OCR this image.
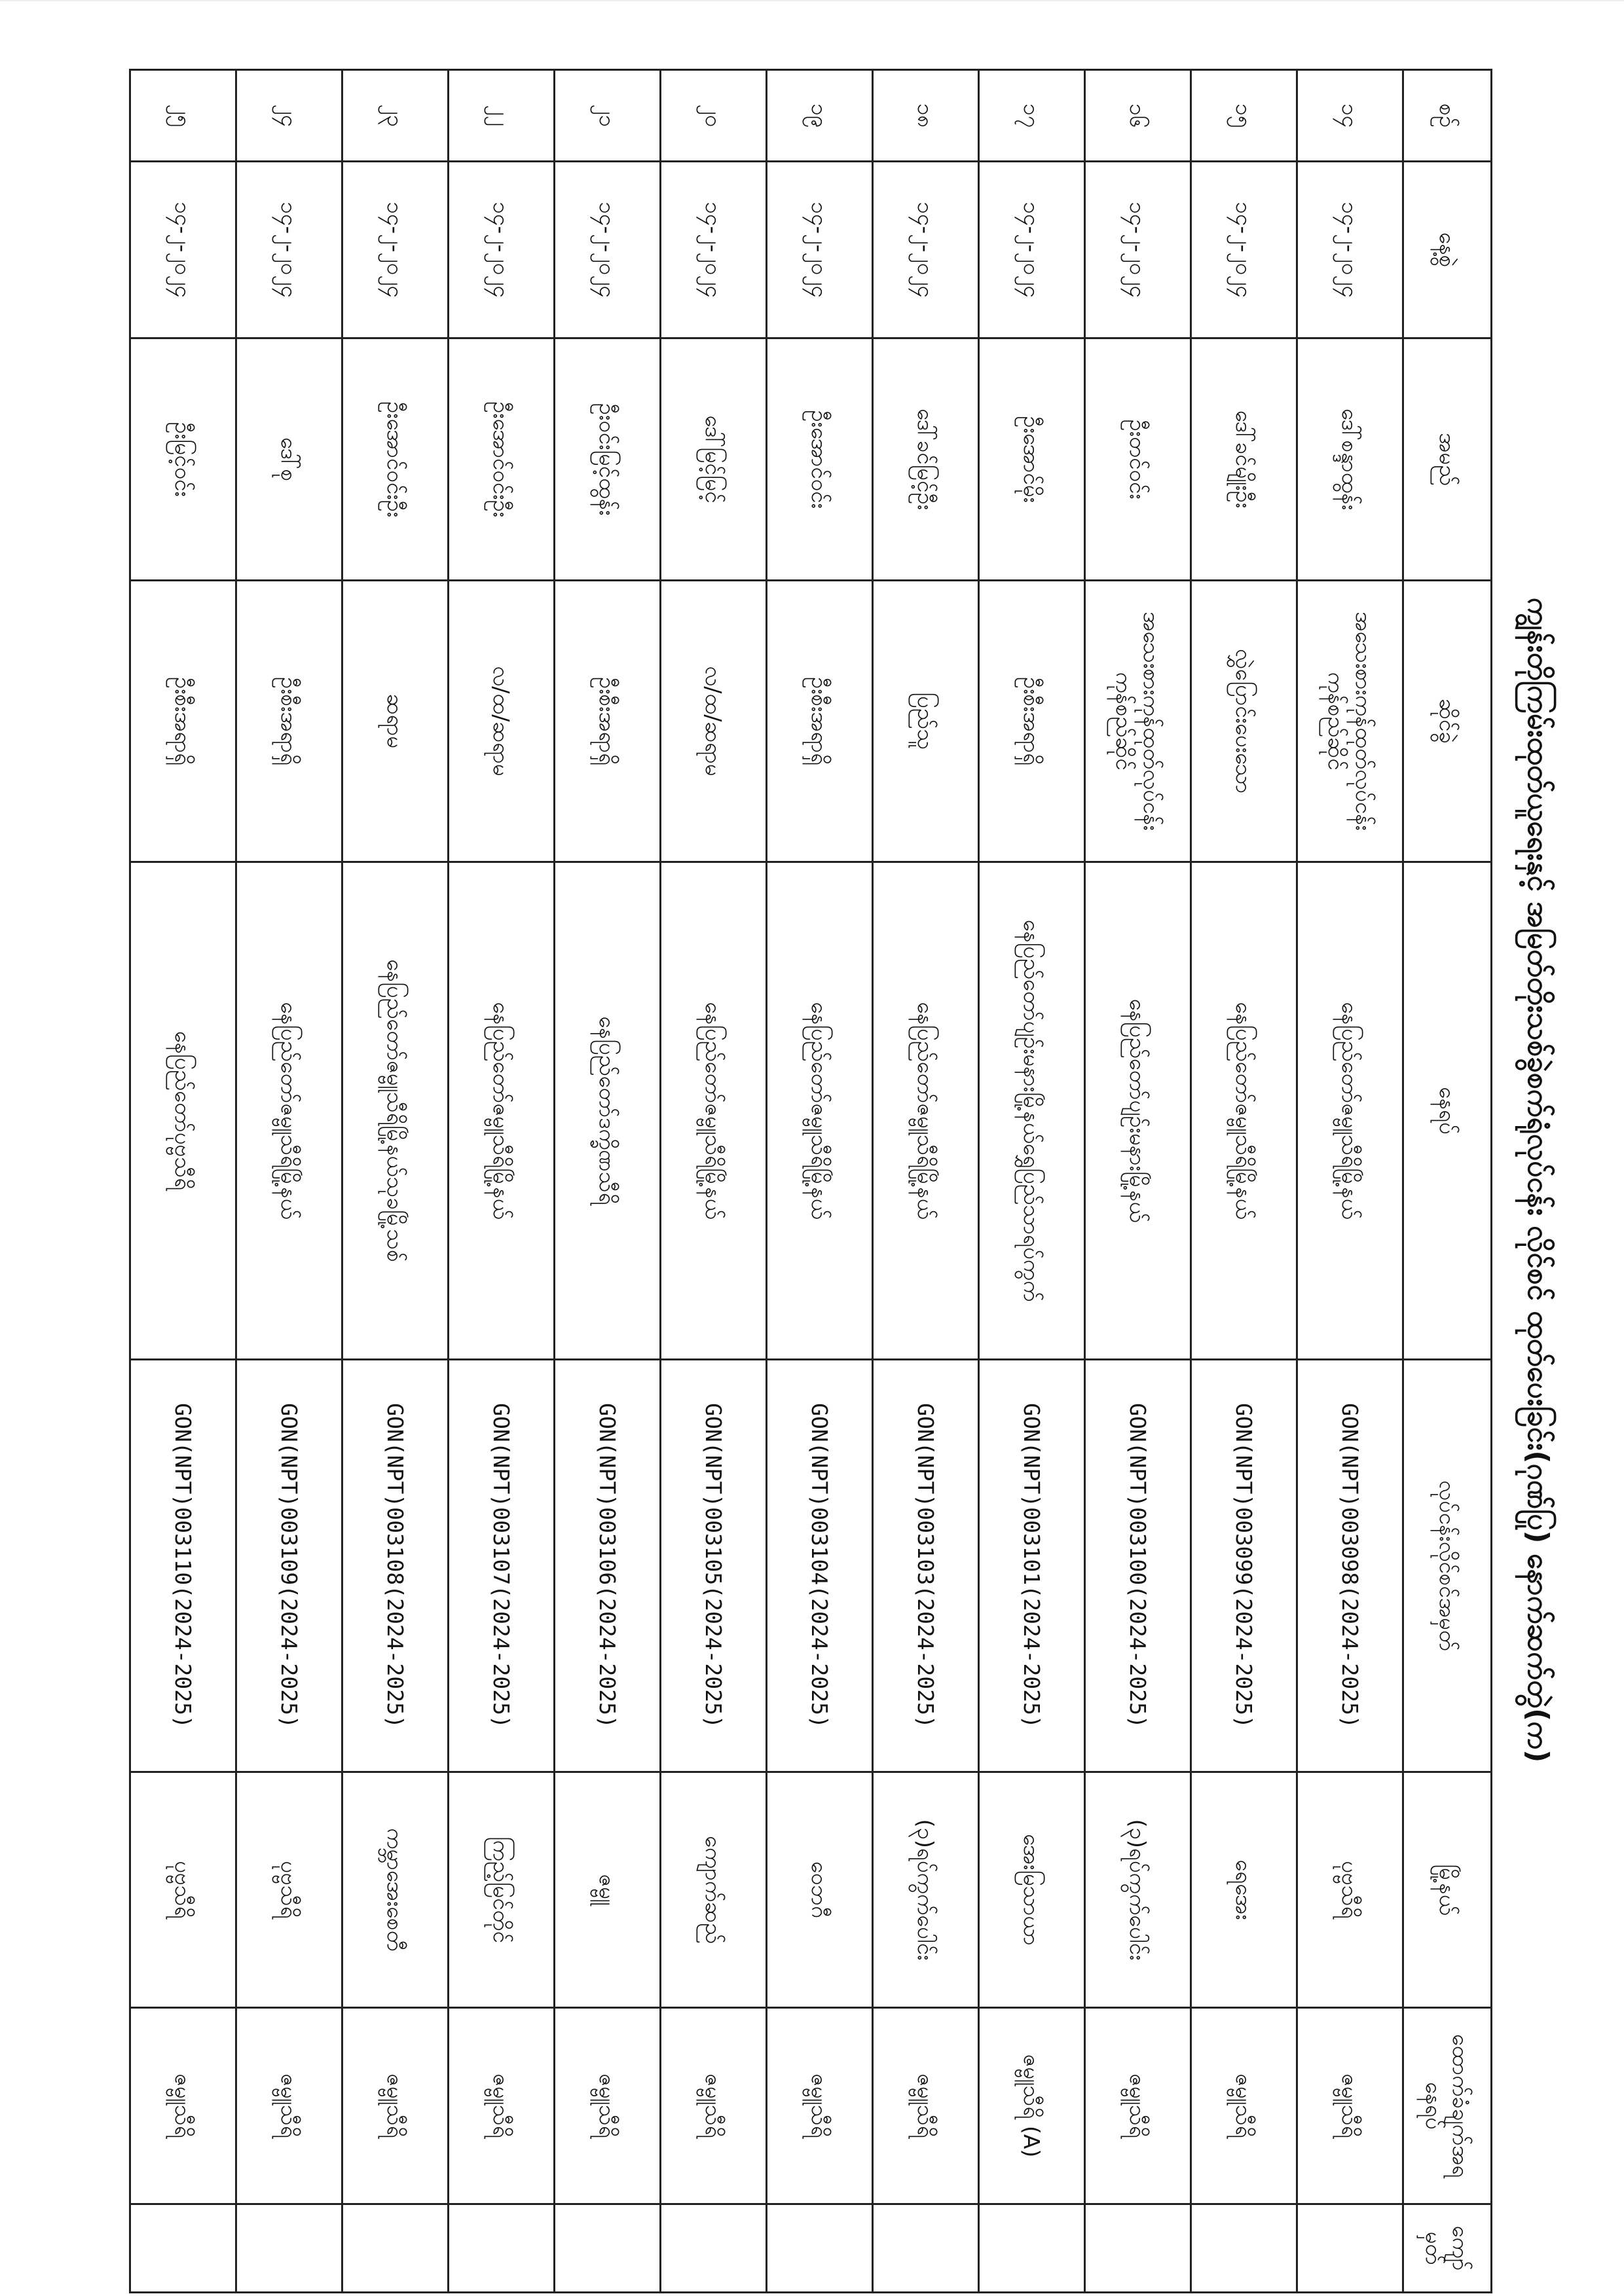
ကျွန်းတိုကြမ်းထုတ်ယူရေးနှင့် အမြတ်တိုးသစ်ခွဲစက်ရုံလုပ်ငန်း လိုင်စင် ထုတ်ပေးခြင်း(ဂုဏ်ပြု) နောက်ဆက်တွဲ(က)
စဉ်	နေ့စွဲ	အမည်	ဆိုင်ခွဲ	နေရပ်	လုပ်ငန်းလိုင်စင်အမှတ်	မြို့နယ်	ထောက်ခံချက်အရ နေရပ်	ကျော် မှတ်
၁၄	၁၄-၂-၂၀၂၄	ဒေါ်စန္ဒာထွန်း	အသေးစားကုန်ထုတ်လုပ်ငန်း ကုန်စည်ဆိုင်	နေပြည်တော်ဇမ္ဗူသီရိမြို့နယ်	GON(NPT)003098(2024-2025)	ပုဗ္ဗသီရိ	ဇမ္ဗူသီရိ	
၁၅	၁၄-၂-၂၀၂၄	ဒေါ်ခင်မျိုးဦး	လွှဲပြောင်းပေးသော	နေပြည်တော်ဇမ္ဗူသီရိမြို့နယ်	GON(NPT)003099(2024-2025)	ရေအေး	ဇမ္ဗူသီရိ	
၁၆	၁၄-၂-၂၀၂၄	ဦးတင်ဝင်း	အသေးစားကုန်ထုတ်လုပ်ငန်း ကုန်စည်ဆိုင်	နေပြည်တော်ပျဉ်းမနားမြို့နယ်	GON(NPT)003100(2024-2025)	(၃)ရပ်ကွက်ပေါင်း	ဇမ္ဗူသီရိ	
၁၇	၁၄-၂-၂၀၂၄	ဦးအောင်မိုး	ဦးစီးအရာရှိ	နေပြည်တော်ပျဉ်းမနားမြို့နယ်ရွှေပြည်သာရပ်ကွက်	GON(NPT)003101(2024-2025)	အေးမြသာယာ	ဇမ္ဗူသီရိ (A)	
၁၈	၁၄-၂-၂၀၂၄	ဒေါ်ခင်မြင့်ဦး	ပြည်သူ	နေပြည်တော်ဇမ္ဗူသီရိမြို့နယ်	GON(NPT)003103(2024-2025)	(၃)ရပ်ကွက်ပေါင်း	ဇမ္ဗူသီရိ	
၁၉	၁၄-၂-၂၀၂၄	ဦးအောင်ဝင်း	ဦးစီးအရာရှိ	နေပြည်တော်ဇမ္ဗူသီရိမြို့နယ်	GON(NPT)003104(2024-2025)	ဝေဘဂီ	ဇမ္ဗူသီရိ	
၂၀	၁၄-၂-၂၀၂၄	ဒေါ်မြင့်မြင့်	လ/ထ/ဆရာမ	နေပြည်တော်ဇမ္ဗူသီရိမြို့နယ်	GON(NPT)003105(2024-2025)	ကျောက်ဆည်	ဇမ္ဗူသီရိ	
၂၁	၁၄-၂-၂၀၂၄	ဦးဝင်းမြင့်ထွန်း	ဦးစီးအရာရှိ	နေပြည်တော်ဒက္ခိဏသီရိ	GON(NPT)003106(2024-2025)	ဇမ္ဗူ	ဇမ္ဗူသီရိ	
၂၂	၁၄-၂-၂၀၂၄	ဦးအောင်ဝင်းဦး	လ/ထ/ဆရာမ	နေပြည်တော်ဇမ္ဗူသီရိမြို့နယ်	GON(NPT)003107(2024-2025)	ကြည့်မြင်တိုင်	ဇမ္ဗူသီရိ	
၂၃	၁၄-၂-၂၀၂၄	ဦးအောင်ဝင်းဦး	ဆရာမ	နေပြည်တော်ဇမ္ဗူသီရိမြို့နယ်သုခမြို့သစ်	GON(NPT)003108(2024-2025)	ကမ္ဘာအေးစေတီ	ဇမ္ဗူသီရိ	
၂၄	၁၄-၂-၂၀၂၄	ဒေါ်စု	ဦးစီးအရာရှိ	နေပြည်တော်ဇမ္ဗူသီရိမြို့နယ်	GON(NPT)003109(2024-2025)	ပုဗ္ဗသီရိ	ဇမ္ဗူသီရိ	
၂၅	၁၄-၂-၂၀၂၄	ဦးမြင့်ဝင်း	ဦးစီးအရာရှိ	နေပြည်တော်ပုဗ္ဗသီရိ	GON(NPT)003110(2024-2025)	ပုဗ္ဗသီရိ	ဇမ္ဗူသီရိ	
